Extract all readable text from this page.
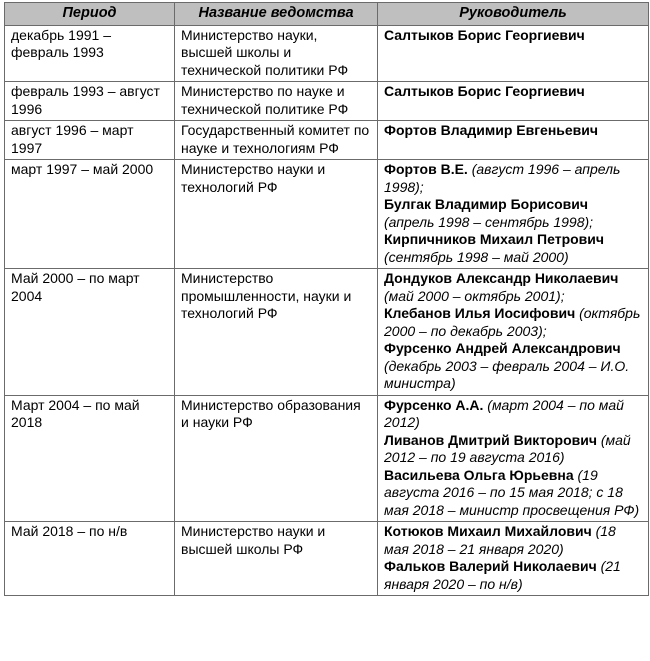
Период	Название ведомства	Руководитель
декабрь 1991 – февраль 1993	Министерство науки, высшей школы и технической политики РФ	Салтыков Борис Георгиевич

февраль 1993 – август 1996	Министерство по науке и технической политике РФ	Салтыков Борис Георгиевич

август 1996 – март 1997	Государственный комитет по науке и технологиям РФ	Фортов Владимир Евгеньевич

март 1997 – май 2000	Министерство науки и технологий РФ	Фортов В.Е. (август 1996 – апрель 1998);
Булгак Владимир Борисович (апрель 1998 – сентябрь 1998);
Кирпичников Михаил Петрович (сентябрь 1998 – май 2000)

Май 2000 – по март 2004	Министерство промышленности, науки и технологий РФ	Дондуков Александр Николаевич (май 2000 – октябрь 2001);
Клебанов Илья Иосифович (октябрь 2000 – по декабрь 2003);
Фурсенко Андрей Александрович (декабрь 2003 – февраль 2004 – И.О. министра)

Март 2004 – по май 2018	Министерство образования и науки РФ	Фурсенко А.А. (март 2004 – по май 2012)
Ливанов Дмитрий Викторович (май 2012 – по 19 августа 2016)
Васильева Ольга Юрьевна (19 августа 2016 – по 15 мая 2018; с 18 мая 2018 – министр просвещения РФ)

Май 2018 – по н/в	Министерство науки и высшей школы РФ	Котюков Михаил Михайлович (18 мая 2018 – 21 января 2020)
Фальков Валерий Николаевич (21 января 2020 – по н/в)
